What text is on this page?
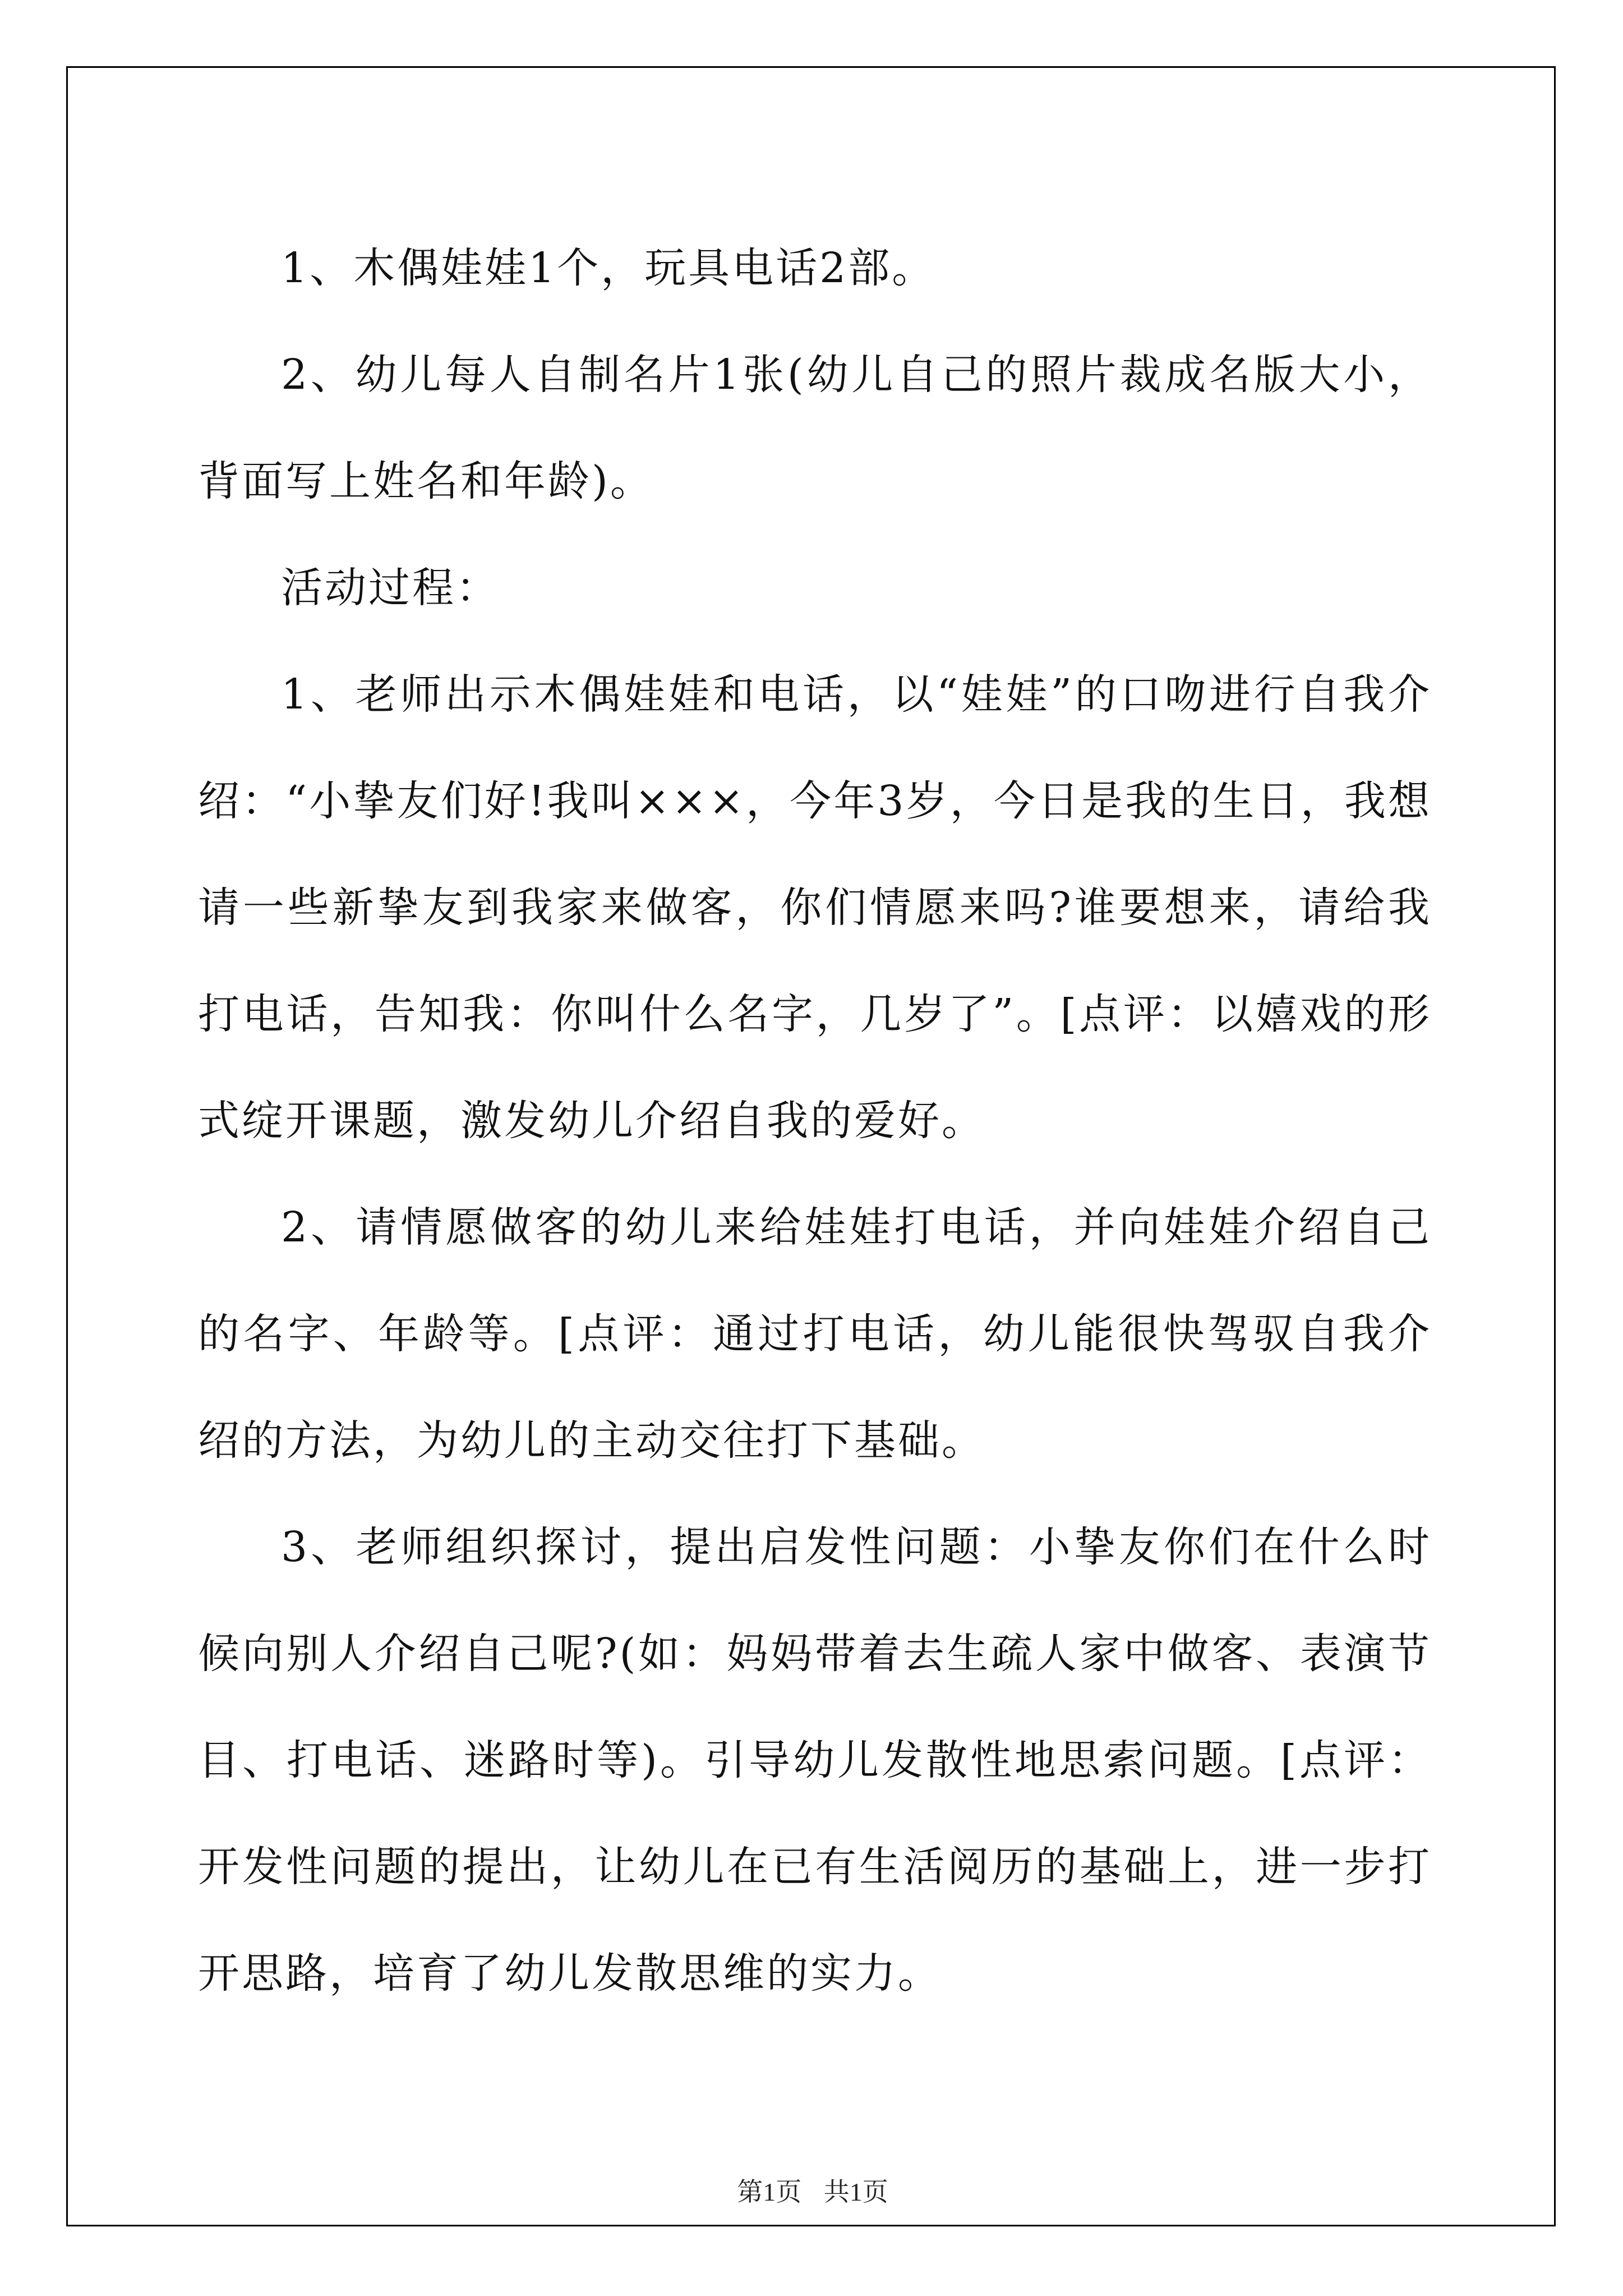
1、木偶娃娃1个，玩具电话2部。

2、幼儿每人自制名片1张(幼儿自己的照片裁成名版大小，背面写上姓名和年龄)。

活动过程：

1、老师出示木偶娃娃和电话，以“娃娃”的口吻进行自我介绍：“小挚友们好!我叫×××，今年3岁，今日是我的生日，我想请一些新挚友到我家来做客，你们情愿来吗?谁要想来，请给我打电话，告知我：你叫什么名字，几岁了”。[点评：以嬉戏的形式绽开课题，激发幼儿介绍自我的爱好。

2、请情愿做客的幼儿来给娃娃打电话，并向娃娃介绍自己的名字、年龄等。[点评：通过打电话，幼儿能很快驾驭自我介绍的方法，为幼儿的主动交往打下基础。

3、老师组织探讨，提出启发性问题：小挚友你们在什么时候向别人介绍自己呢?(如：妈妈带着去生疏人家中做客、表演节目、打电话、迷路时等)。引导幼儿发散性地思索问题。[点评：开发性问题的提出，让幼儿在已有生活阅历的基础上，进一步打开思路，培育了幼儿发散思维的实力。

第1页 共1页
